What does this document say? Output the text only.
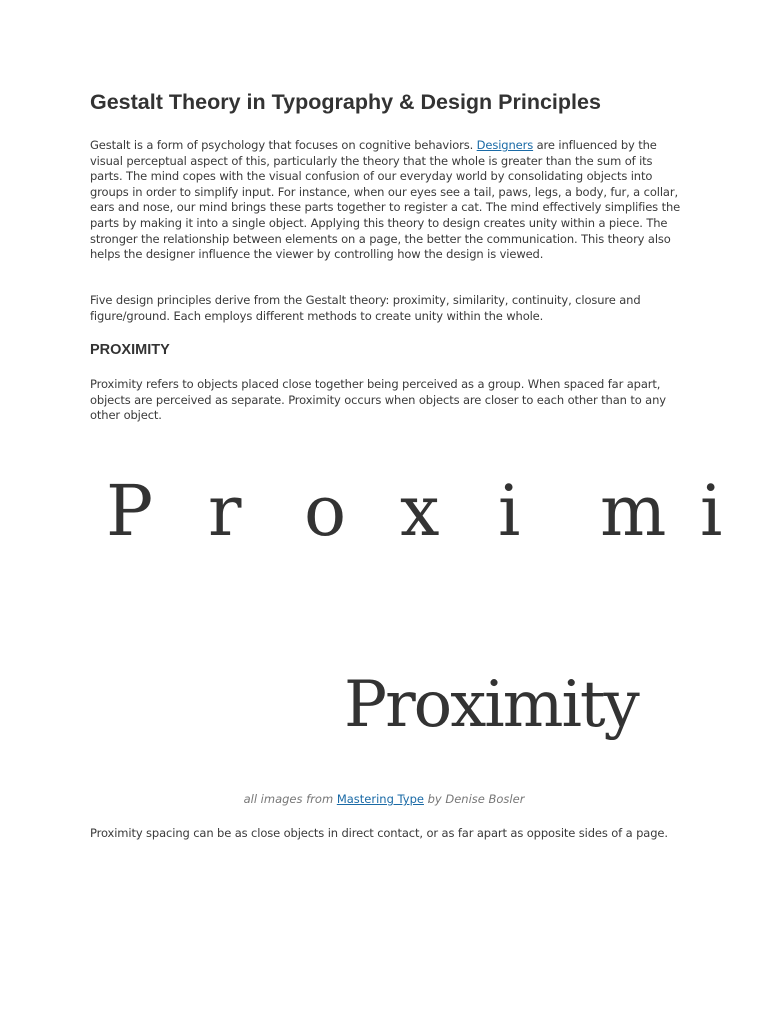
Gestalt Theory in Typography & Design Principles

Gestalt is a form of psychology that focuses on cognitive behaviors. Designers are influenced by the visual perceptual aspect of this, particularly the theory that the whole is greater than the sum of its parts. The mind copes with the visual confusion of our everyday world by consolidating objects into groups in order to simplify input. For instance, when our eyes see a tail, paws, legs, a body, fur, a collar, ears and nose, our mind brings these parts together to register a cat. The mind effectively simplifies the parts by making it into a single object. Applying this theory to design creates unity within a piece. The stronger the relationship between elements on a page, the better the communication. This theory also helps the designer influence the viewer by controlling how the design is viewed.

Five design principles derive from the Gestalt theory: proximity, similarity, continuity, closure and figure/ground. Each employs different methods to create unity within the whole.

PROXIMITY

Proximity refers to objects placed close together being perceived as a group. When spaced far apart, objects are perceived as separate. Proximity occurs when objects are closer to each other than to any other object.

P r o x i m i
Proximity

all images from Mastering Type by Denise Bosler

Proximity spacing can be as close objects in direct contact, or as far apart as opposite sides of a page.
